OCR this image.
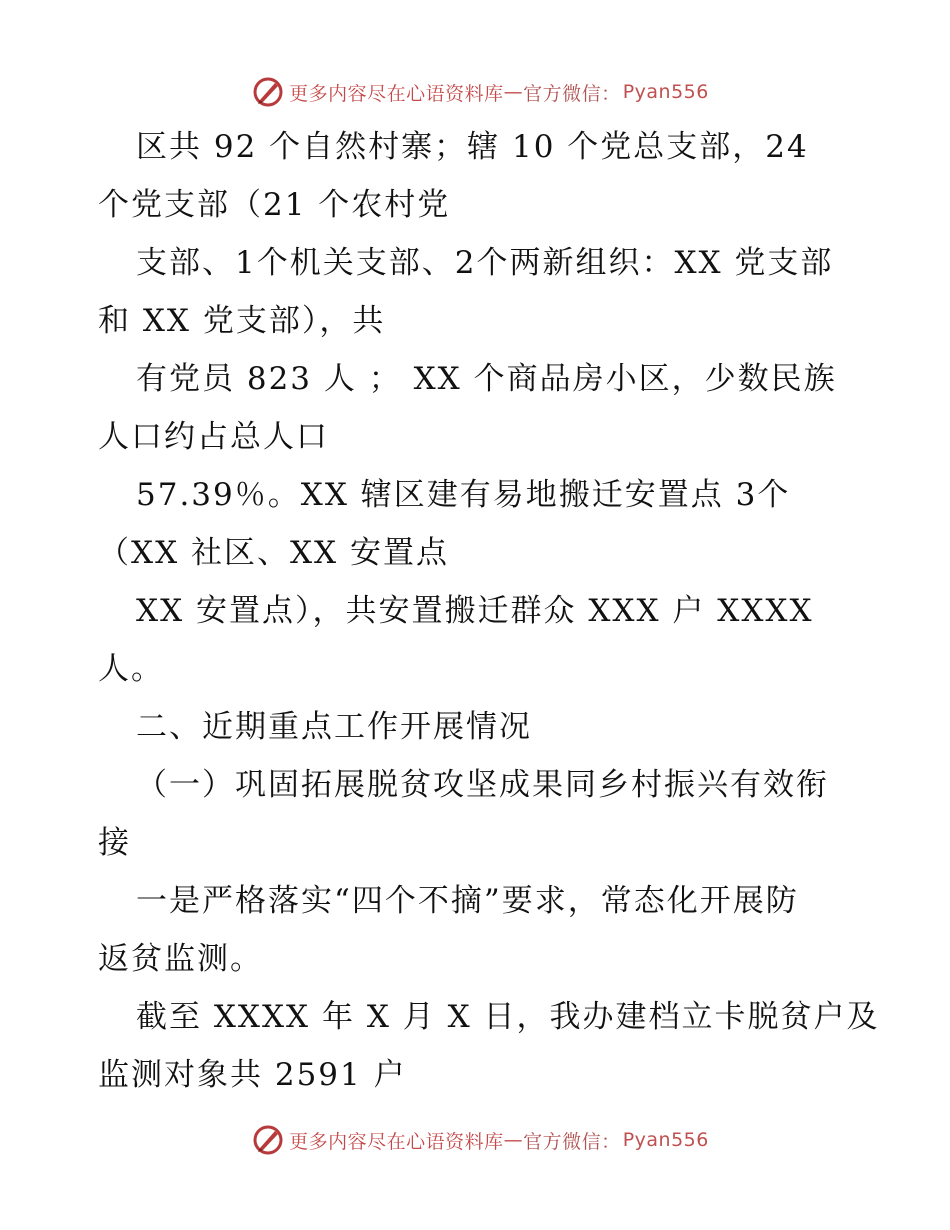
更多内容尽在心语资料库 — 官方微信： Pyan556
区共 92 个自然村寨；辖 10 个党总支部，24
个党支部（21 个农村党
支部、1个机关支部、2个两新组织：XX 党支部
和 XX 党支部），共
有党员 823 人 ； XX 个商品房小区，少数民族
人口约占总人口
57.39％。XX 辖区建有易地搬迁安置点 3个
（XX 社区、XX 安置点
XX 安置点），共安置搬迁群众 XXX 户 XXXX
人。
二、近期重点工作开展情况
（一）巩固拓展脱贫攻坚成果同乡村振兴有效衔
接
一是严格落实“四个不摘”要求，常态化开展防
返贫监测。
截至 XXXX 年 X 月 X 日，我办建档立卡脱贫户及
监测对象共 2591 户
更多内容尽在心语资料库 — 官方微信： Pyan556
